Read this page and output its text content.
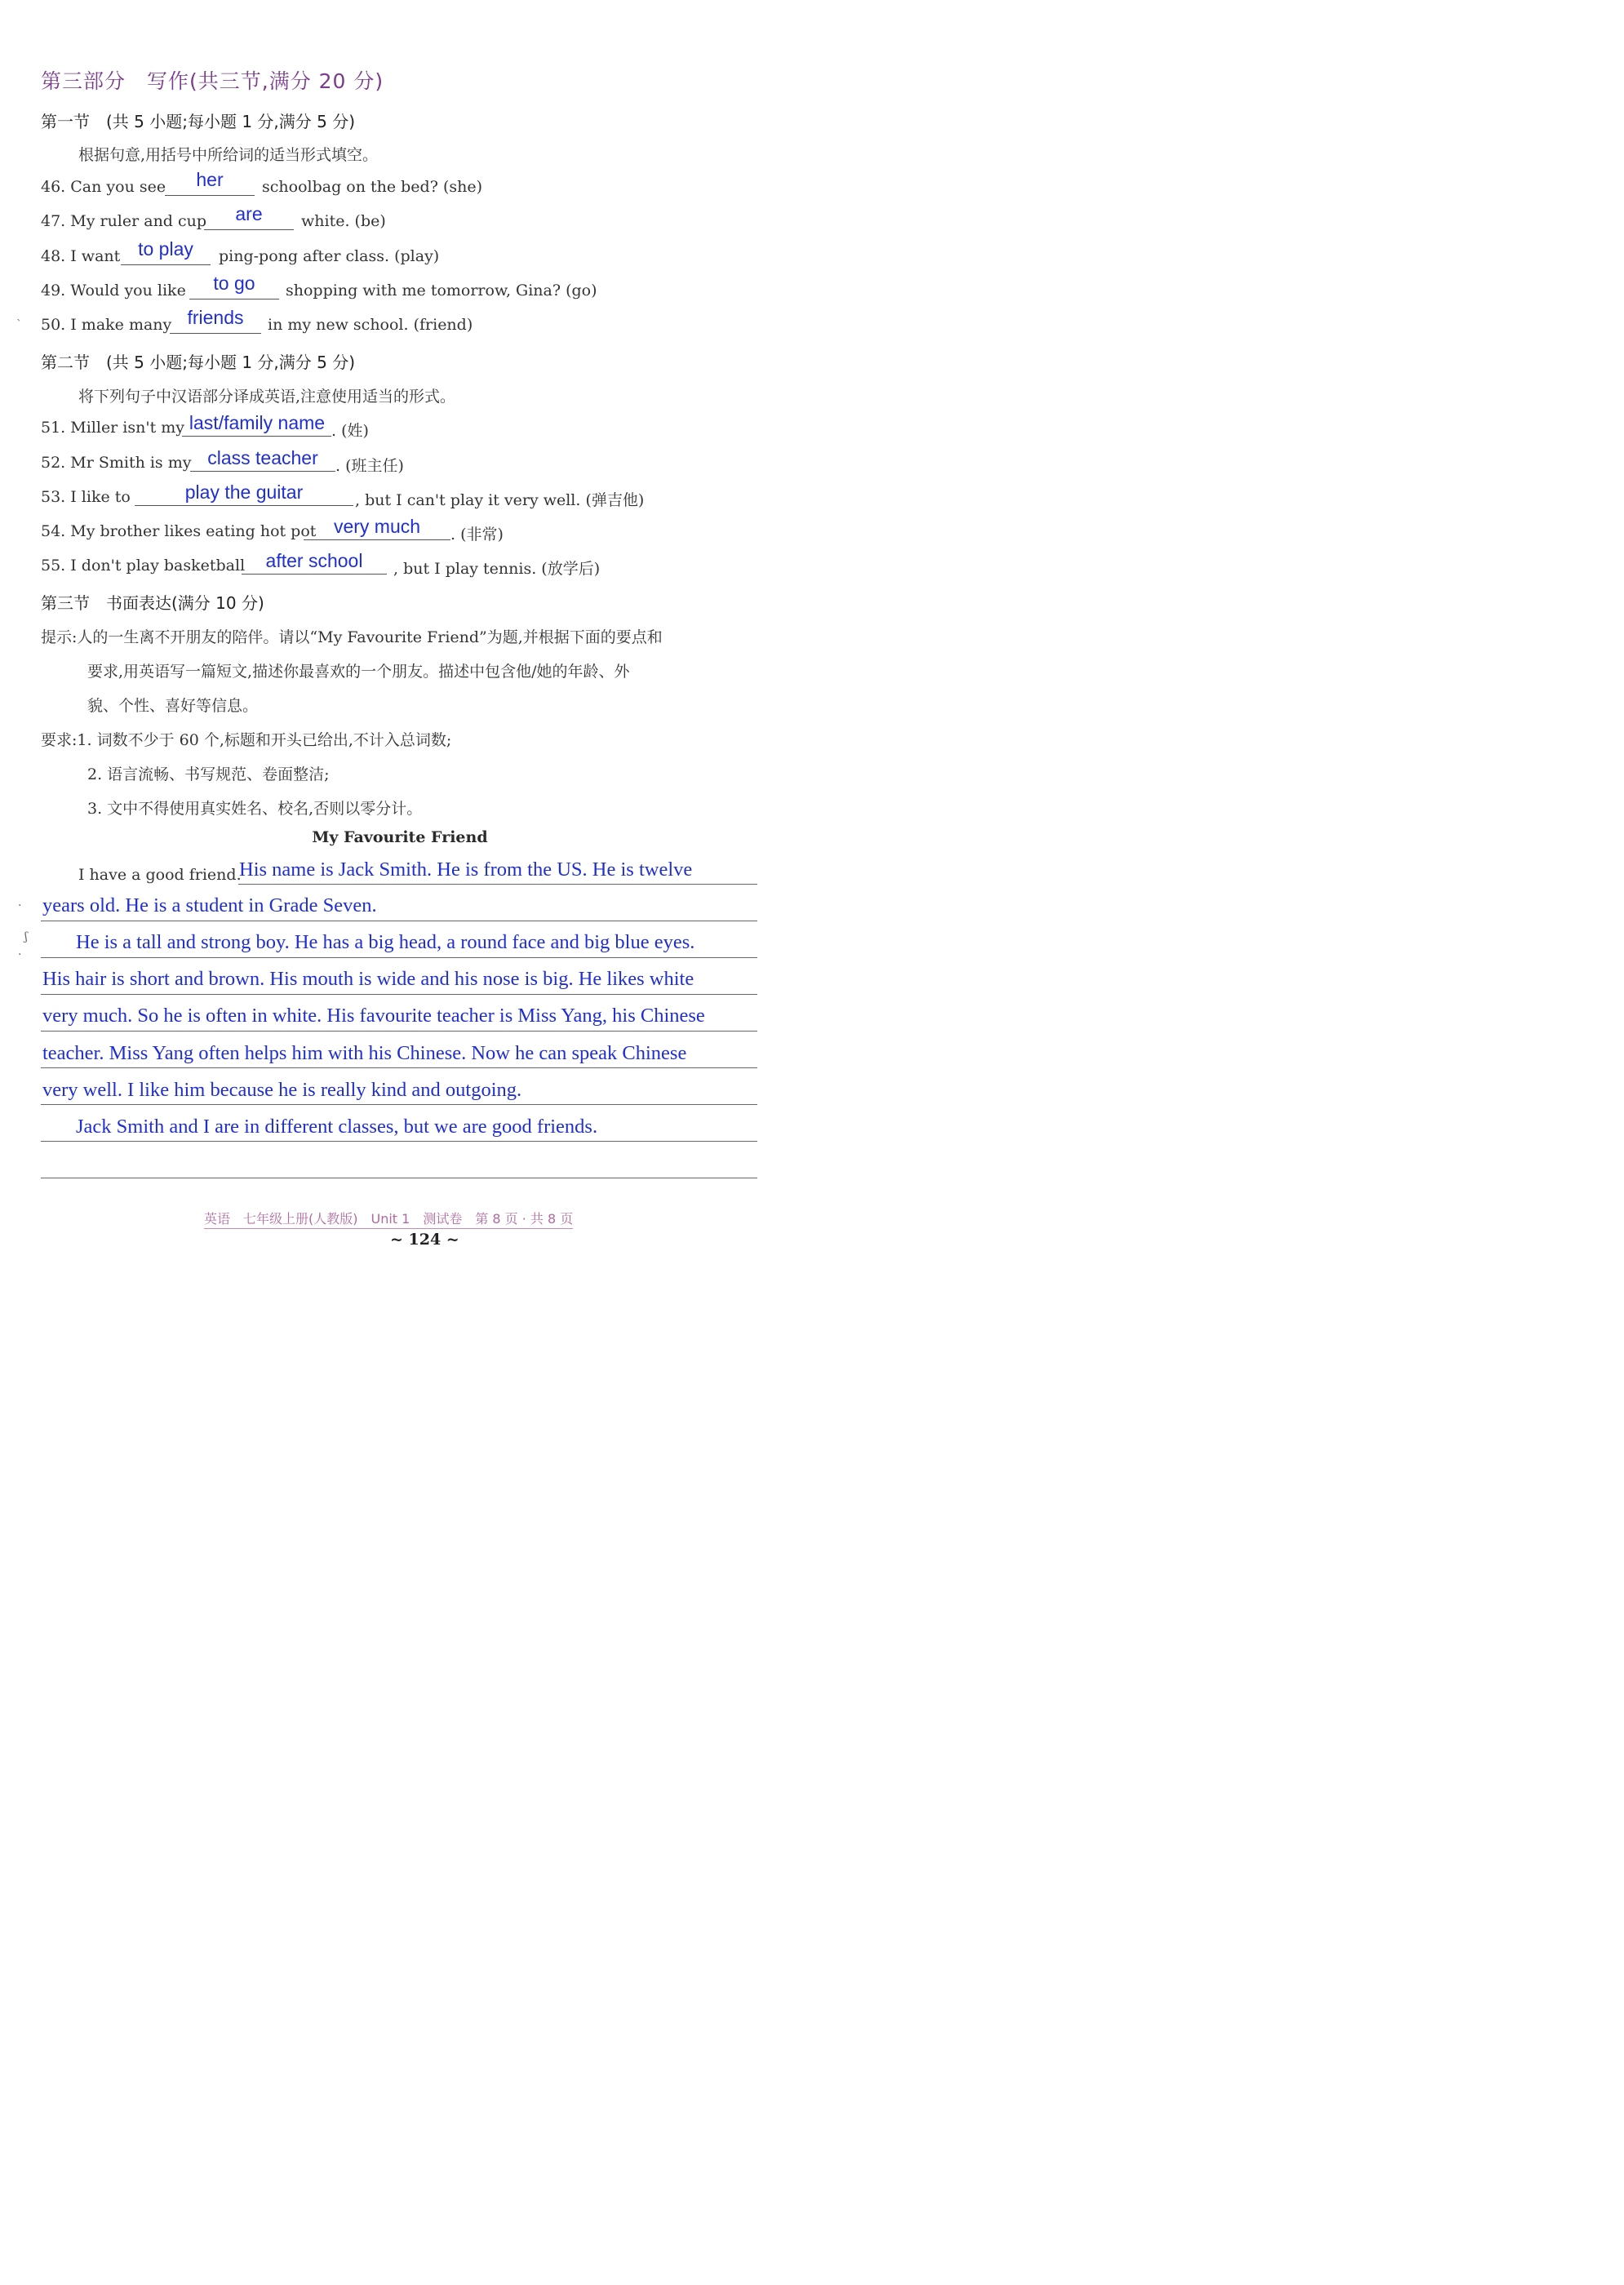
第三部分　写作(共三节,满分 20 分)
第一节　(共 5 小题;每小题 1 分,满分 5 分)
根据句意,用括号中所给词的适当形式填空。
46. Can you see	her	schoolbag on the bed? (she)
47. My ruler and cup	are	white. (be)
48. I want to play	ping-pong after class. (play)
49. Would you like	to go	shopping with me tomorrow, Gina? (go)
50. I make many friends	in my new school. (friend)
第二节　(共 5 小题;每小题 1 分,满分 5 分)
将下列句子中汉语部分译成英语,注意使用适当的形式。
51. Miller isn't my last/family name . (姓)
52. Mr Smith is my class teacher	. (班主任)
53. I like to	play the guitar	, but I can't play it very well. (弹吉他)
54. My brother likes eating hot pot very much	. (非常)
55. I don't play basketball	after school	, but I play tennis. (放学后)
第三节　书面表达(满分 10 分)
提示:人的一生离不开朋友的陪伴。请以“My Favourite Friend”为题,并根据下面的要点和
要求,用英语写一篇短文,描述你最喜欢的一个朋友。描述中包含他/她的年龄、外
貌、个性、喜好等信息。
要求:1. 词数不少于 60 个,标题和开头已给出,不计入总词数;
2. 语言流畅、书写规范、卷面整洁;
3. 文中不得使用真实姓名、校名,否则以零分计。
My Favourite Friend
I have a good friend.
His name is Jack Smith. He is from the US. He is twelve
years old. He is a student in Grade Seven.
He is a tall and strong boy. He has a big head, a round face and big blue eyes.
His hair is short and brown. His mouth is wide and his nose is big. He likes white
very much. So he is often in white. His favourite teacher is Miss Yang, his Chinese
teacher. Miss Yang often helps him with his Chinese. Now he can speak Chinese
very well. I like him because he is really kind and outgoing.
Jack Smith and I are in different classes, but we are good friends.
ˋ
·
ʃ
·
英语　七年级上册(人教版)　Unit 1　测试卷　第 8 页 · 共 8 页
~ 124 ~
